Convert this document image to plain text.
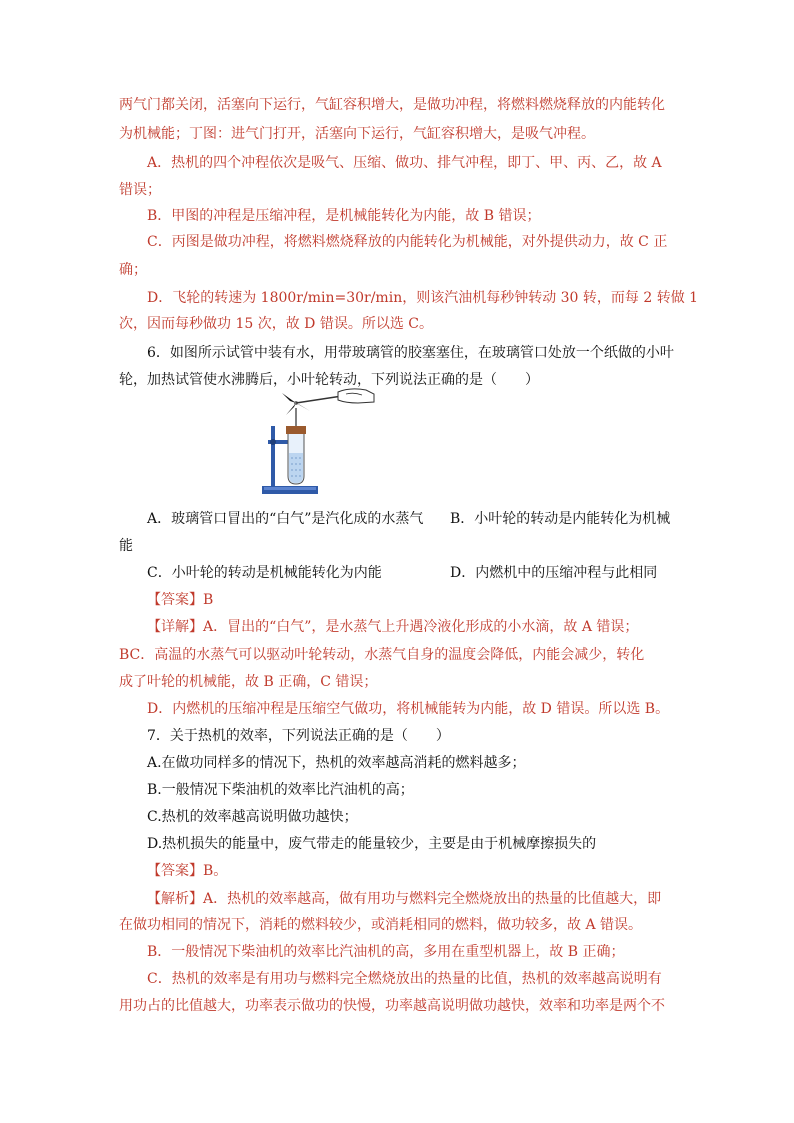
两气门都关闭，活塞向下运行，气缸容积增大，是做功冲程，将燃料燃烧释放的内能转化
为机械能；丁图：进气门打开，活塞向下运行，气缸容积增大，是吸气冲程。
A．热机的四个冲程依次是吸气、压缩、做功、排气冲程，即丁、甲、丙、乙，故 A
错误；
B．甲图的冲程是压缩冲程，是机械能转化为内能，故 B 错误；
C．丙图是做功冲程，将燃料燃烧释放的内能转化为机械能，对外提供动力，故 C 正
确；
D．飞轮的转速为 1800r/min=30r/min，则该汽油机每秒钟转动 30 转，而每 2 转做 1
次，因而每秒做功 15 次，故 D 错误。所以选 C。
6．如图所示试管中装有水，用带玻璃管的胶塞塞住，在玻璃管口处放一个纸做的小叶
轮，加热试管使水沸腾后，小叶轮转动，下列说法正确的是（　　）
A．玻璃管口冒出的“白气”是汽化成的水蒸气 B．小叶轮的转动是内能转化为机械
能
C．小叶轮的转动是机械能转化为内能	D．内燃机中的压缩冲程与此相同
【答案】B
【详解】A．冒出的“白气”，是水蒸气上升遇冷液化形成的小水滴，故 A 错误；
BC．高温的水蒸气可以驱动叶轮转动，水蒸气自身的温度会降低，内能会减少，转化
成了叶轮的机械能，故 B 正确，C 错误；
D．内燃机的压缩冲程是压缩空气做功，将机械能转为内能，故 D 错误。所以选 B。
7．关于热机的效率，下列说法正确的是（　　）
A.在做功同样多的情况下，热机的效率越高消耗的燃料越多；
B.一般情况下柴油机的效率比汽油机的高；
C.热机的效率越高说明做功越快；
D.热机损失的能量中，废气带走的能量较少，主要是由于机械摩擦损失的
【答案】B。
【解析】A．热机的效率越高，做有用功与燃料完全燃烧放出的热量的比值越大，即
在做功相同的情况下，消耗的燃料较少，或消耗相同的燃料，做功较多，故 A 错误。
B．一般情况下柴油机的效率比汽油机的高，多用在重型机器上，故 B 正确；
C．热机的效率是有用功与燃料完全燃烧放出的热量的比值，热机的效率越高说明有
用功占的比值越大，功率表示做功的快慢，功率越高说明做功越快，效率和功率是两个不
